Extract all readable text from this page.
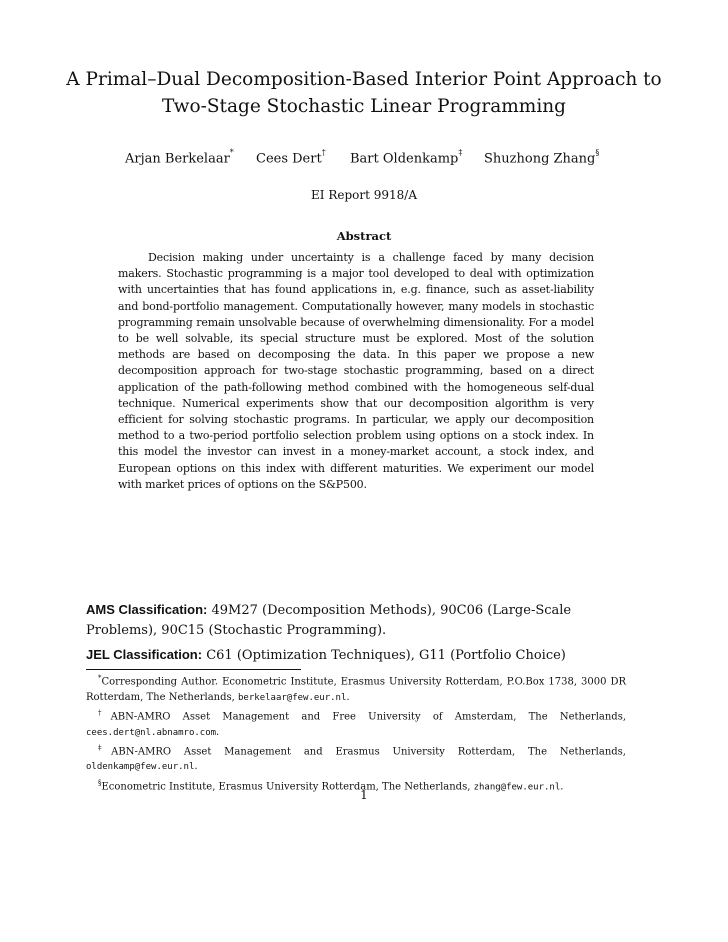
A Primal–Dual Decomposition-Based Interior Point Approach to
Two-Stage Stochastic Linear Programming
Arjan Berkelaar* Cees Dert† Bart Oldenkamp‡ Shuzhong Zhang§
EI Report 9918/A
Abstract
Decision making under uncertainty is a challenge faced by many decision makers. Stochastic programming is a major tool developed to deal with optimization with uncertainties that has found applications in, e.g. finance, such as asset-liability and bond-portfolio management. Computationally however, many models in stochastic programming remain unsolvable because of overwhelming dimensionality. For a model to be well solvable, its special structure must be explored. Most of the solution methods are based on decomposing the data. In this paper we propose a new decomposition approach for two-stage stochastic programming, based on a direct application of the path-following method combined with the homogeneous self-dual technique. Numerical experiments show that our decomposition algorithm is very efficient for solving stochastic programs. In particular, we apply our decomposition method to a two-period portfolio selection problem using options on a stock index. In this model the investor can invest in a money-market account, a stock index, and European options on this index with different maturities. We experiment our model with market prices of options on the S&P500.
AMS Classification: 49M27 (Decomposition Methods), 90C06 (Large-Scale Problems), 90C15 (Stochastic Programming).
JEL Classification: C61 (Optimization Techniques), G11 (Portfolio Choice)
*Corresponding Author. Econometric Institute, Erasmus University Rotterdam, P.O.Box 1738, 3000 DR Rotterdam, The Netherlands, berkelaar@few.eur.nl.
†ABN-AMRO Asset Management and Free University of Amsterdam, The Netherlands, cees.dert@nl.abnamro.com.
‡ABN-AMRO Asset Management and Erasmus University Rotterdam, The Netherlands, oldenkamp@few.eur.nl.
§Econometric Institute, Erasmus University Rotterdam, The Netherlands, zhang@few.eur.nl.
1
